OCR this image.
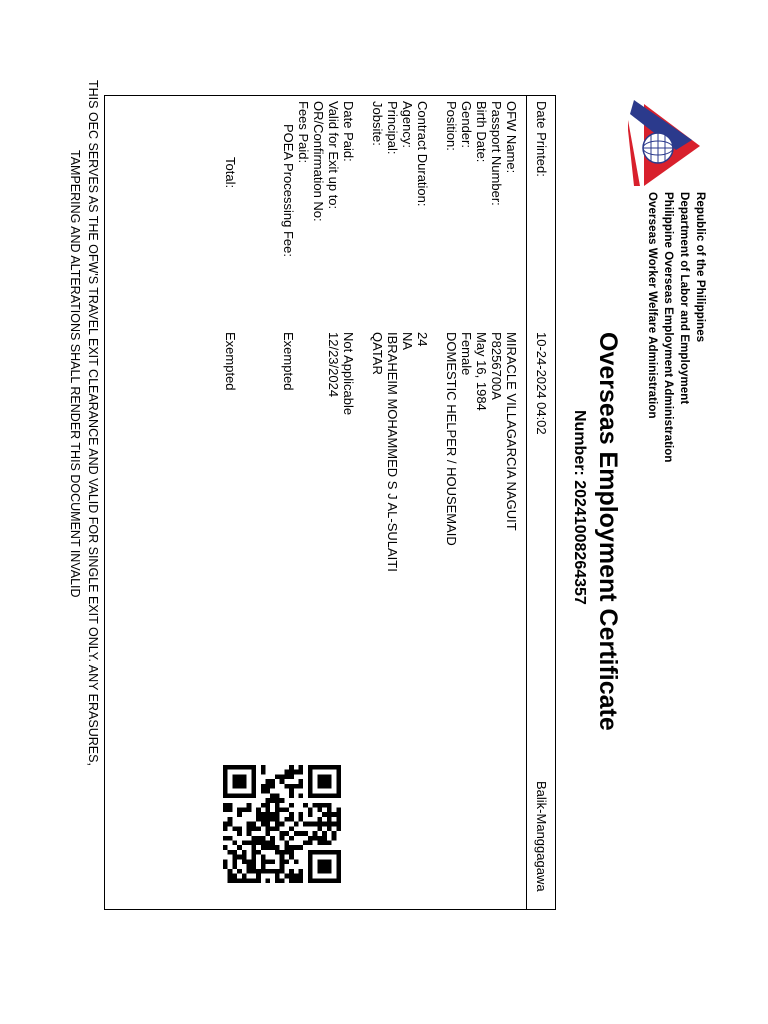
Republic of the Philippines
Department of Labor and Employment
Philippine Overseas Employment Administration
Overseas Worker Welfare Administration
Overseas Employment Certificate
Number: 20241008264357
Date Printed:
10-24-2024 04:02
Balik-Manggagawa
OFW Name:
MIRACLE VILLAGARCIA NAGUIT
Passport Number:
P8256700A
Birth Date:
May 16, 1984
Gender:
Female
Position:
DOMESTIC HELPER / HOUSEMAID
Contract Duration:
24
Agency:
NA
Principal:
IBRAHEIM MOHAMMED S J AL-SULAITI
Jobsite:
QATAR
Date Paid:
Not Applicable
Valid for Exit up to:
12/23/2024
OR/Confirmation No:
Fees Paid:
POEA Processing Fee:
Exempted
Total:
Exempted
THIS OEC SERVES AS THE OFW'S TRAVEL EXIT CLEARANCE AND VALID FOR SINGLE EXIT ONLY. ANY ERASURES,
TAMPERING AND ALTERATIONS SHALL RENDER THIS DOCUMENT INVALID
